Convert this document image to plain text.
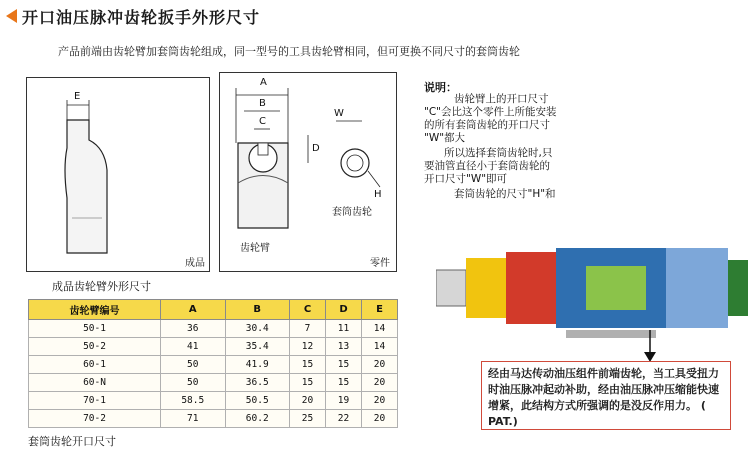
开口油压脉冲齿轮扳手外形尺寸
产品前端由齿轮臂加套筒齿轮组成，同一型号的工具齿轮臂相同，但可更换不同尺寸的套筒齿轮
E
成品
A
B
C
D
W
H
套筒齿轮
齿轮臂
零件
说明：
齿轮臂上的开口尺寸
"C"会比这个零件上所能安装
的所有套筒齿轮的开口尺寸
"W"都大
所以选择套筒齿轮时,只
要油管直径小于套筒齿轮的
开口尺寸"W"即可
套筒齿轮的尺寸"H"和
成品齿轮臂外形尺寸
齿轮臂编号	A	B	C	D	E
50-1	36	30.4	7	11	14
50-2	41	35.4	12	13	14
60-1	50	41.9	15	15	20
60-N	50	36.5	15	15	20
70-1	58.5	50.5	20	19	20
70-2	71	60.2	25	22	20
套筒齿轮开口尺寸
经由马达传动油压组件前端齿轮，当工具受扭力时油压脉冲起动补助，经由油压脉冲压缩能快速增紧，此结构方式所强调的是没反作用力。 ( PAT.)
